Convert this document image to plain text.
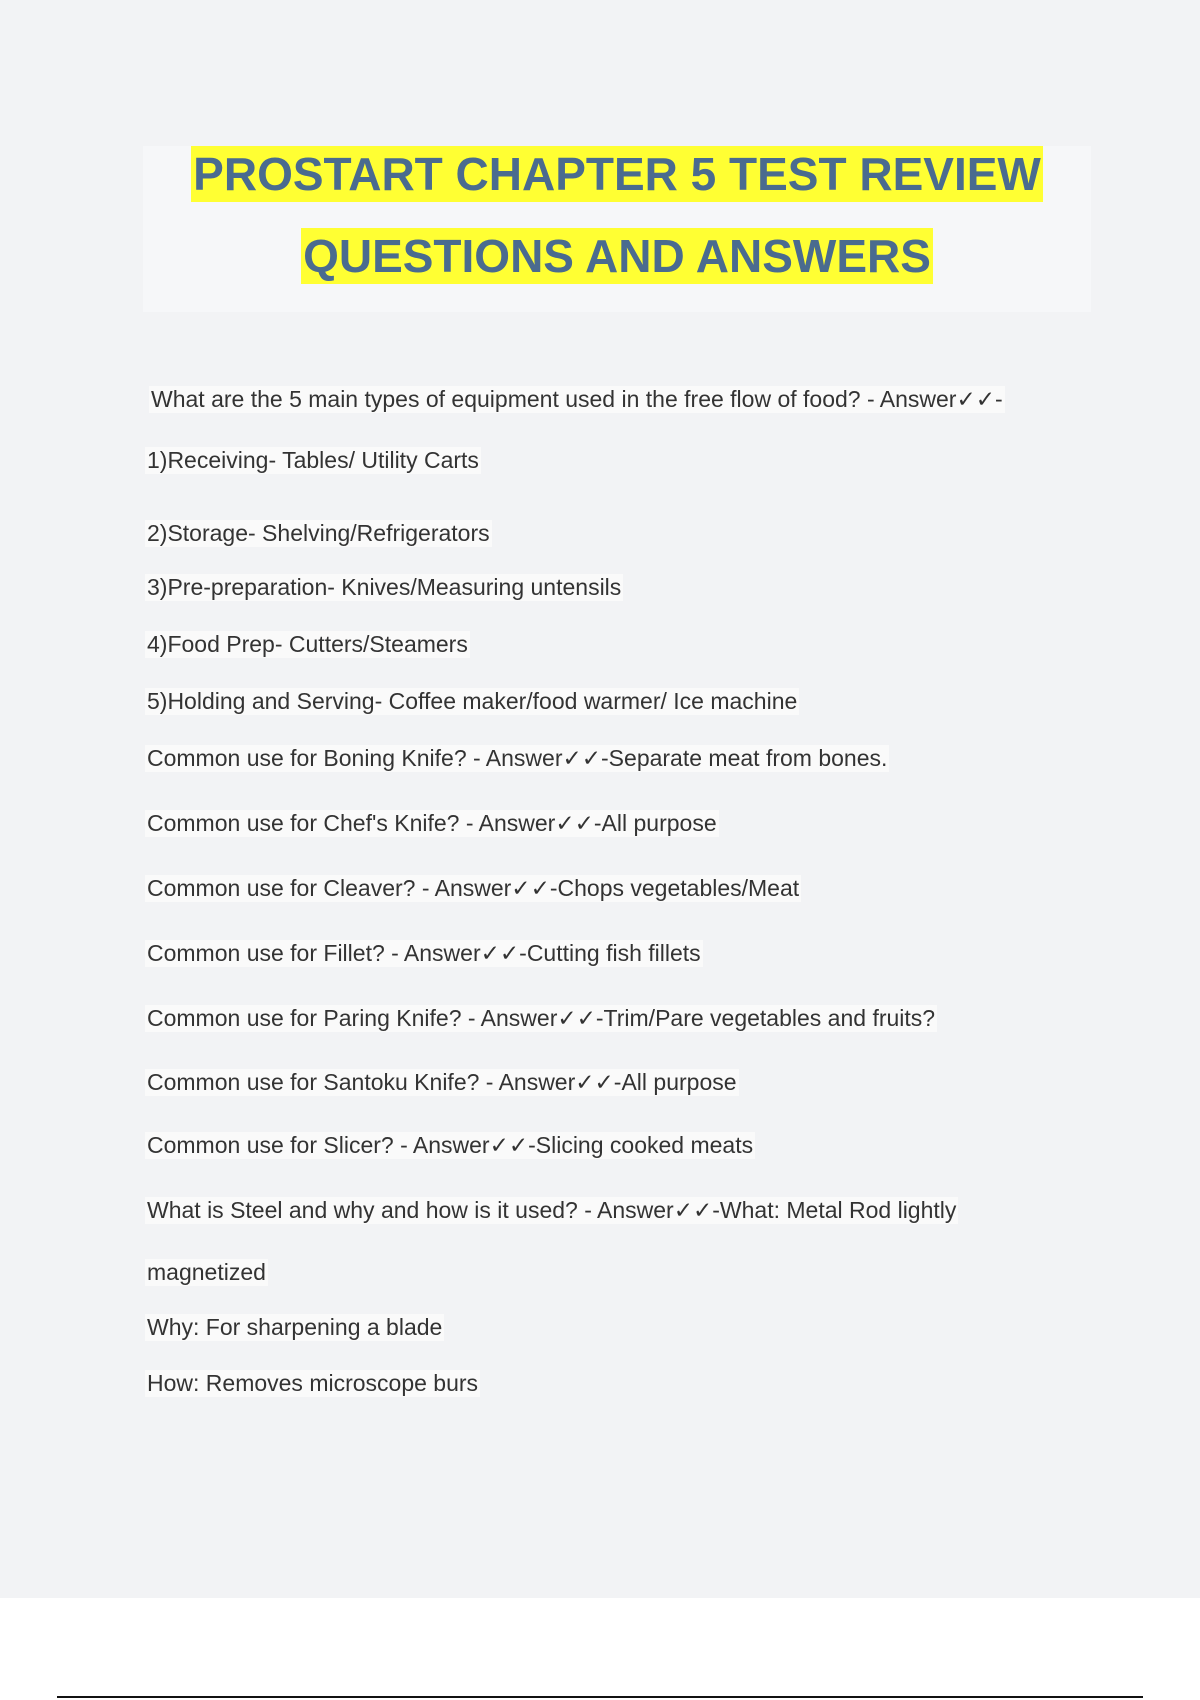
PROSTART CHAPTER 5 TEST REVIEW
QUESTIONS AND ANSWERS
What are the 5 main types of equipment used in the free flow of food? - Answer✓✓-
1)Receiving- Tables/ Utility Carts
2)Storage- Shelving/Refrigerators
3)Pre-preparation- Knives/Measuring untensils
4)Food Prep- Cutters/Steamers
5)Holding and Serving- Coffee maker/food warmer/ Ice machine
Common use for Boning Knife? - Answer✓✓-Separate meat from bones.
Common use for Chef's Knife? - Answer✓✓-All purpose
Common use for Cleaver? - Answer✓✓-Chops vegetables/Meat
Common use for Fillet? - Answer✓✓-Cutting fish fillets
Common use for Paring Knife? - Answer✓✓-Trim/Pare vegetables and fruits?
Common use for Santoku Knife? - Answer✓✓-All purpose
Common use for Slicer? - Answer✓✓-Slicing cooked meats
What is Steel and why and how is it used? - Answer✓✓-What: Metal Rod lightly
magnetized
Why: For sharpening a blade
How: Removes microscope burs
